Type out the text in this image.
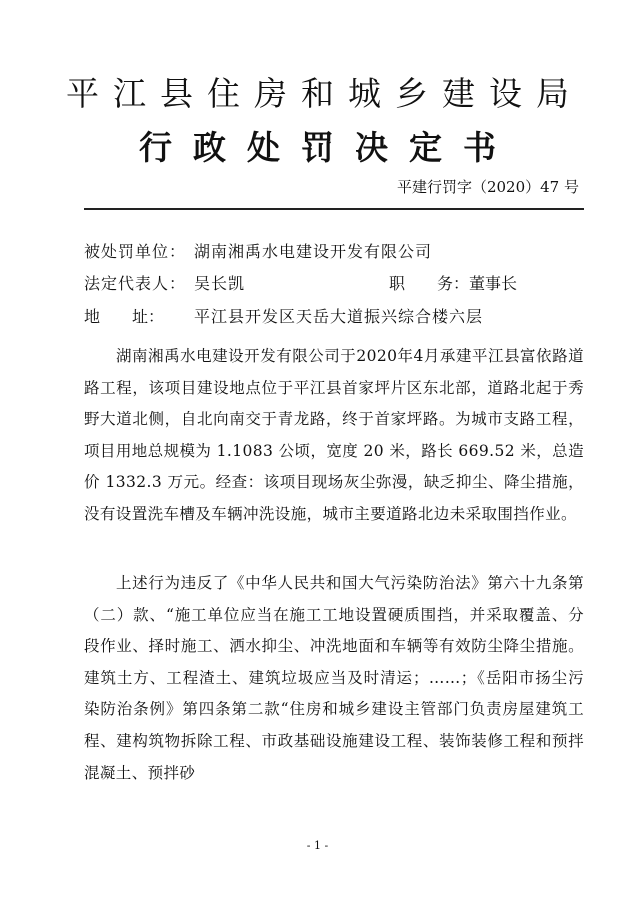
平江县住房和城乡建设局
行政处罚决定书
平建行罚字（2020）47 号
被处罚单位： 湖南湘禹水电建设开发有限公司
法定代表人： 吴长凯	职　　务： 董事长
地　　址： 平江县开发区天岳大道振兴综合楼六层
湖南湘禹水电建设开发有限公司于2020年4月承建平江县富依路道路工程，该项目建设地点位于平江县首家坪片区东北部，道路北起于秀野大道北侧，自北向南交于青龙路，终于首家坪路。为城市支路工程，项目用地总规模为 1.1083 公顷，宽度 20 米，路长 669.52 米，总造价 1332.3 万元。经查：该项目现场灰尘弥漫，缺乏抑尘、降尘措施，没有设置洗车槽及车辆冲洗设施，城市主要道路北边未采取围挡作业。
上述行为违反了《中华人民共和国大气污染防治法》第六十九条第（二）款、“施工单位应当在施工工地设置硬质围挡，并采取覆盖、分段作业、择时施工、洒水抑尘、冲洗地面和车辆等有效防尘降尘措施。建筑土方、工程渣土、建筑垃圾应当及时清运；……；《岳阳市扬尘污染防治条例》第四条第二款“住房和城乡建设主管部门负责房屋建筑工程、建构筑物拆除工程、市政基础设施建设工程、装饰装修工程和预拌混凝土、预拌砂
- 1 -
